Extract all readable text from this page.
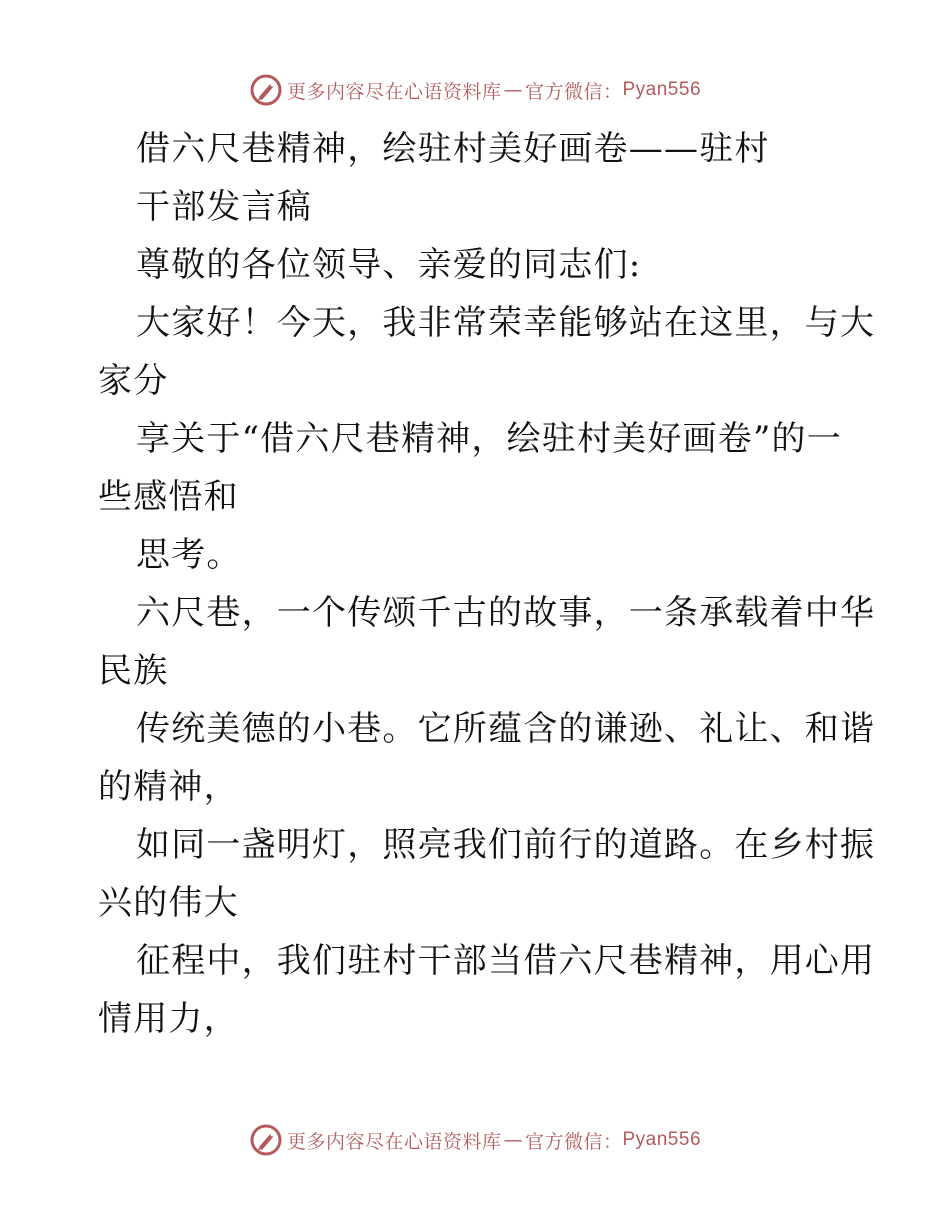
更多内容尽在心语资料库 — 官方微信： Pyan556
借六尺巷精神，绘驻村美好画卷——驻村
干部发言稿
尊敬的各位领导、亲爱的同志们:
大家好！今天，我非常荣幸能够站在这里，与大
家分
享关于“借六尺巷精神，绘驻村美好画卷”的一
些感悟和
思考。
六尺巷，一个传颂千古的故事，一条承载着中华
民族
传统美德的小巷。它所蕴含的谦逊、礼让、和谐
的精神，
如同一盏明灯，照亮我们前行的道路。在乡村振
兴的伟大
征程中，我们驻村干部当借六尺巷精神，用心用
情用力，
更多内容尽在心语资料库 — 官方微信： Pyan556
